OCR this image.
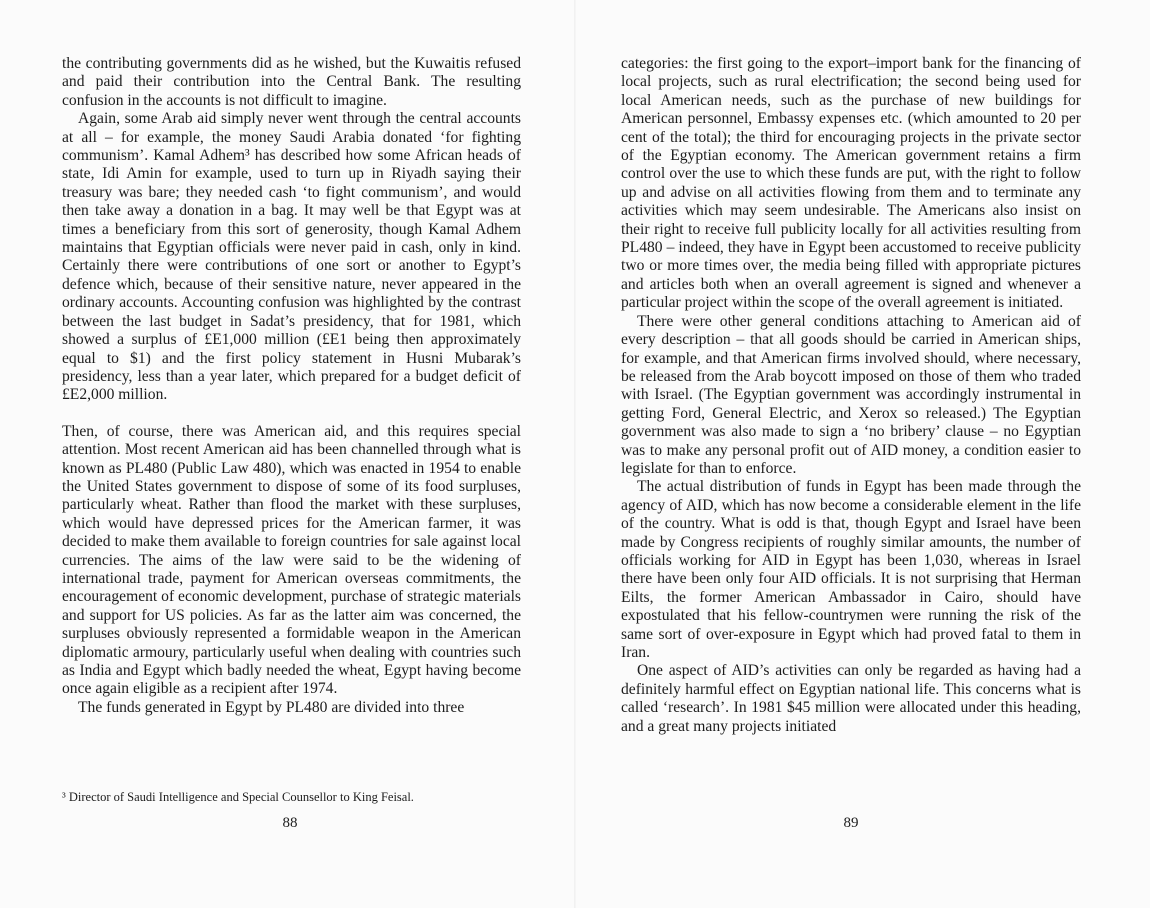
the contributing governments did as he wished, but the Kuwaitis refused and paid their contribution into the Central Bank. The resulting confusion in the accounts is not difficult to imagine.

Again, some Arab aid simply never went through the central accounts at all – for example, the money Saudi Arabia donated ‘for fighting communism’. Kamal Adhem³ has described how some African heads of state, Idi Amin for example, used to turn up in Riyadh saying their treasury was bare; they needed cash ‘to fight communism’, and would then take away a donation in a bag. It may well be that Egypt was at times a beneficiary from this sort of generosity, though Kamal Adhem maintains that Egyptian officials were never paid in cash, only in kind. Certainly there were contributions of one sort or another to Egypt’s defence which, because of their sensitive nature, never appeared in the ordinary accounts. Accounting confusion was highlighted by the contrast between the last budget in Sadat’s presidency, that for 1981, which showed a surplus of £E1,000 million (£E1 being then approximately equal to $1) and the first policy statement in Husni Mubarak’s presidency, less than a year later, which prepared for a budget deficit of £E2,000 million.

Then, of course, there was American aid, and this requires special attention. Most recent American aid has been channelled through what is known as PL480 (Public Law 480), which was enacted in 1954 to enable the United States government to dispose of some of its food surpluses, particularly wheat. Rather than flood the market with these surpluses, which would have depressed prices for the American farmer, it was decided to make them available to foreign countries for sale against local currencies. The aims of the law were said to be the widening of international trade, payment for American overseas commitments, the encouragement of economic development, purchase of strategic materials and support for US policies. As far as the latter aim was concerned, the surpluses obviously represented a formidable weapon in the American diplomatic armoury, particularly useful when dealing with countries such as India and Egypt which badly needed the wheat, Egypt having become once again eligible as a recipient after 1974.

The funds generated in Egypt by PL480 are divided into three

³ Director of Saudi Intelligence and Special Counsellor to King Feisal.
88

categories: the first going to the export–import bank for the financing of local projects, such as rural electrification; the second being used for local American needs, such as the purchase of new buildings for American personnel, Embassy expenses etc. (which amounted to 20 per cent of the total); the third for encouraging projects in the private sector of the Egyptian economy. The American government retains a firm control over the use to which these funds are put, with the right to follow up and advise on all activities flowing from them and to terminate any activities which may seem undesirable. The Americans also insist on their right to receive full publicity locally for all activities resulting from PL480 – indeed, they have in Egypt been accustomed to receive publicity two or more times over, the media being filled with appropriate pictures and articles both when an overall agreement is signed and whenever a particular project within the scope of the overall agreement is initiated.

There were other general conditions attaching to American aid of every description – that all goods should be carried in American ships, for example, and that American firms involved should, where necessary, be released from the Arab boycott imposed on those of them who traded with Israel. (The Egyptian government was accordingly instrumental in getting Ford, General Electric, and Xerox so released.) The Egyptian government was also made to sign a ‘no bribery’ clause – no Egyptian was to make any personal profit out of AID money, a condition easier to legislate for than to enforce.

The actual distribution of funds in Egypt has been made through the agency of AID, which has now become a considerable element in the life of the country. What is odd is that, though Egypt and Israel have been made by Congress recipients of roughly similar amounts, the number of officials working for AID in Egypt has been 1,030, whereas in Israel there have been only four AID officials. It is not surprising that Herman Eilts, the former American Ambassador in Cairo, should have expostulated that his fellow-countrymen were running the risk of the same sort of over-exposure in Egypt which had proved fatal to them in Iran.

One aspect of AID’s activities can only be regarded as having had a definitely harmful effect on Egyptian national life. This concerns what is called ‘research’. In 1981 $45 million were allocated under this heading, and a great many projects initiated

89
